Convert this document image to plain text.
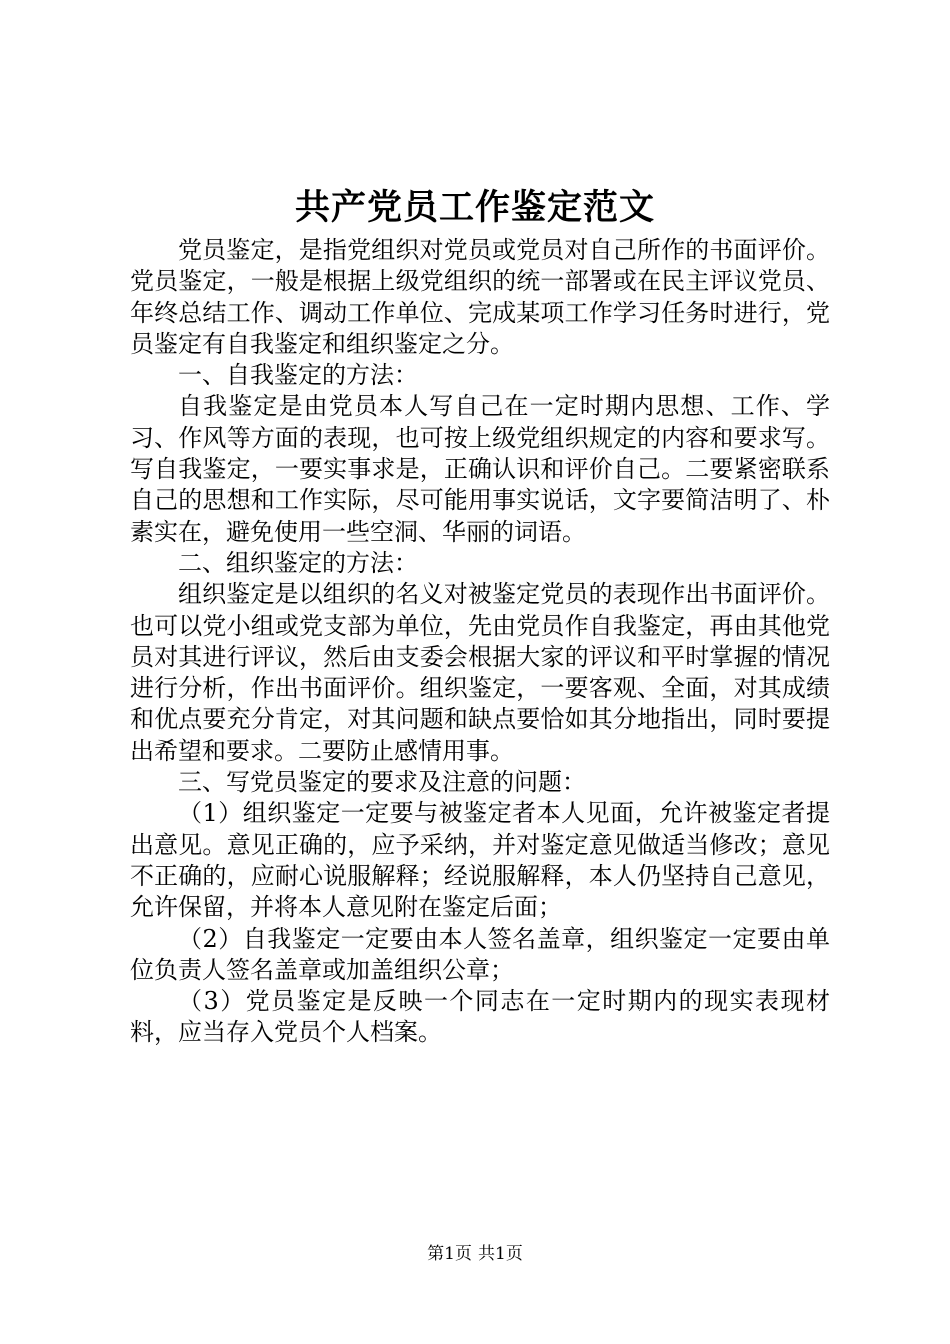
共产党员工作鉴定范文

党员鉴定，是指党组织对党员或党员对自己所作的书面评价。党员鉴定，一般是根据上级党组织的统一部署或在民主评议党员、年终总结工作、调动工作单位、完成某项工作学习任务时进行，党员鉴定有自我鉴定和组织鉴定之分。

一、自我鉴定的方法：

自我鉴定是由党员本人写自己在一定时期内思想、工作、学习、作风等方面的表现，也可按上级党组织规定的内容和要求写。写自我鉴定，一要实事求是，正确认识和评价自己。二要紧密联系自己的思想和工作实际，尽可能用事实说话，文字要简洁明了、朴素实在，避免使用一些空洞、华丽的词语。

二、组织鉴定的方法：

组织鉴定是以组织的名义对被鉴定党员的表现作出书面评价。也可以党小组或党支部为单位，先由党员作自我鉴定，再由其他党员对其进行评议，然后由支委会根据大家的评议和平时掌握的情况进行分析，作出书面评价。组织鉴定，一要客观、全面，对其成绩和优点要充分肯定，对其问题和缺点要恰如其分地指出，同时要提出希望和要求。二要防止感情用事。

三、写党员鉴定的要求及注意的问题：

（1）组织鉴定一定要与被鉴定者本人见面，允许被鉴定者提出意见。意见正确的，应予采纳，并对鉴定意见做适当修改；意见不正确的，应耐心说服解释；经说服解释，本人仍坚持自己意见，允许保留，并将本人意见附在鉴定后面；

（2）自我鉴定一定要由本人签名盖章，组织鉴定一定要由单位负责人签名盖章或加盖组织公章；

（3）党员鉴定是反映一个同志在一定时期内的现实表现材料，应当存入党员个人档案。

第1页 共1页
